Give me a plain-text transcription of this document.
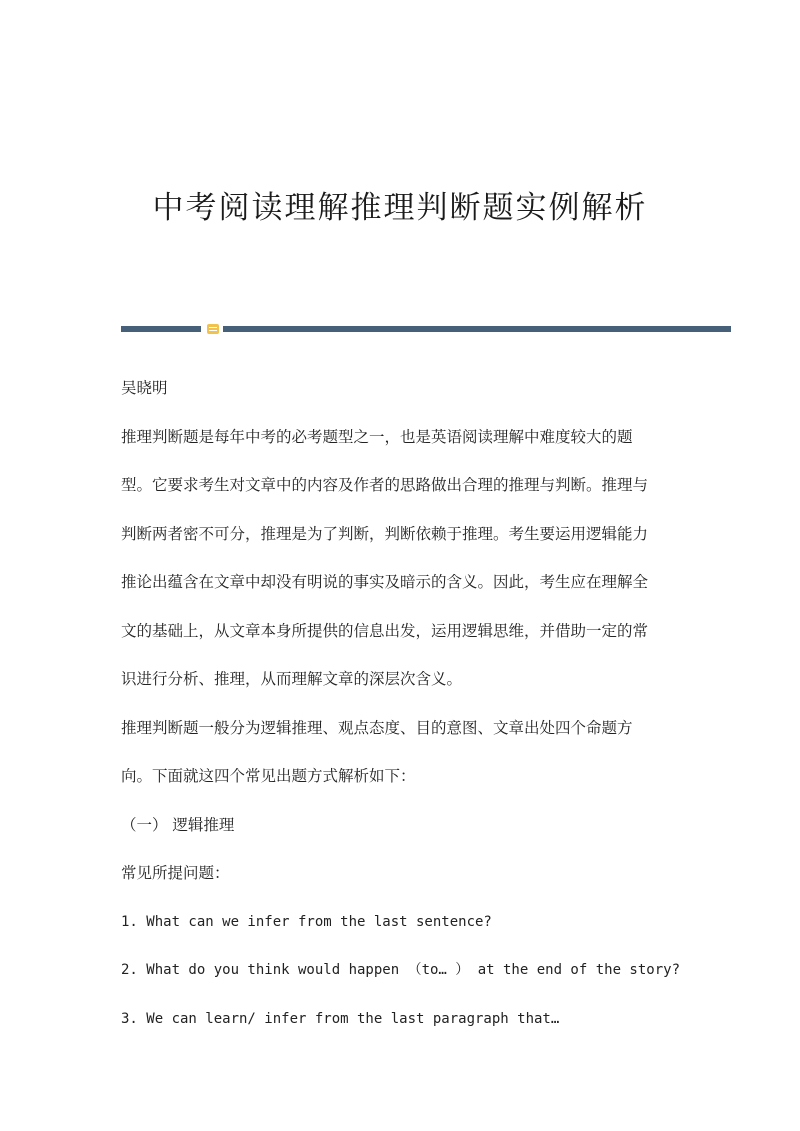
中考阅读理解推理判断题实例解析
吴晓明
推理判断题是每年中考的必考题型之一，也是英语阅读理解中难度较大的题
型。它要求考生对文章中的内容及作者的思路做出合理的推理与判断。推理与
判断两者密不可分，推理是为了判断，判断依赖于推理。考生要运用逻辑能力
推论出蕴含在文章中却没有明说的事实及暗示的含义。因此，考生应在理解全
文的基础上，从文章本身所提供的信息出发，运用逻辑思维，并借助一定的常
识进行分析、推理，从而理解文章的深层次含义。
推理判断题一般分为逻辑推理、观点态度、目的意图、文章出处四个命题方
向。下面就这四个常见出题方式解析如下：
（一） 逻辑推理
常见所提问题：
1. What can we infer from the last sentence?
2. What do you think would happen （to… ） at the end of the story?
3. We can learn/ infer from the last paragraph that…
